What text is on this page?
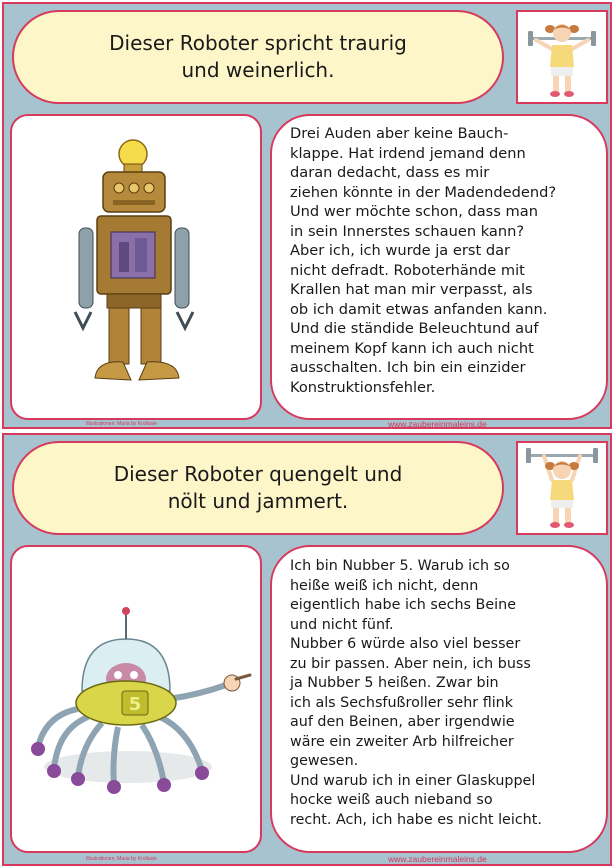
Dieser Roboter spricht traurig
und weinerlich.
Drei Auden aber keine Bauch-
klappe. Hat irdend jemand denn
daran dedacht, dass es mir
ziehen könnte in der Madendedend?
Und wer möchte schon, dass man
in sein Innerstes schauen kann?
Aber ich, ich wurde ja erst dar
nicht defradt. Roboterhände mit
Krallen hat man mir verpasst, als
ob ich damit etwas anfanden kann.
Und die ständide Beleuchtund auf
meinem Kopf kann ich auch nicht
ausschalten. Ich bin ein einzider
Konstruktionsfehler.
Illustrationen: Maria by Krollusie	www.zaubereinmaleins.de
Dieser Roboter quengelt und
nölt und jammert.
5
Ich bin Nubber 5. Warub ich so
heiße weiß ich nicht, denn
eigentlich habe ich sechs Beine
und nicht fünf.
Nubber 6 würde also viel besser
zu bir passen. Aber nein, ich buss
ja Nubber 5 heißen. Zwar bin
ich als Sechsfußroller sehr flink
auf den Beinen, aber irgendwie
wäre ein zweiter Arb hilfreicher
gewesen.
Und warub ich in einer Glaskuppel
hocke weiß auch nieband so
recht. Ach, ich habe es nicht leicht.
Illustrationen: Maria by Krollusie	www.zaubereinmaleins.de
